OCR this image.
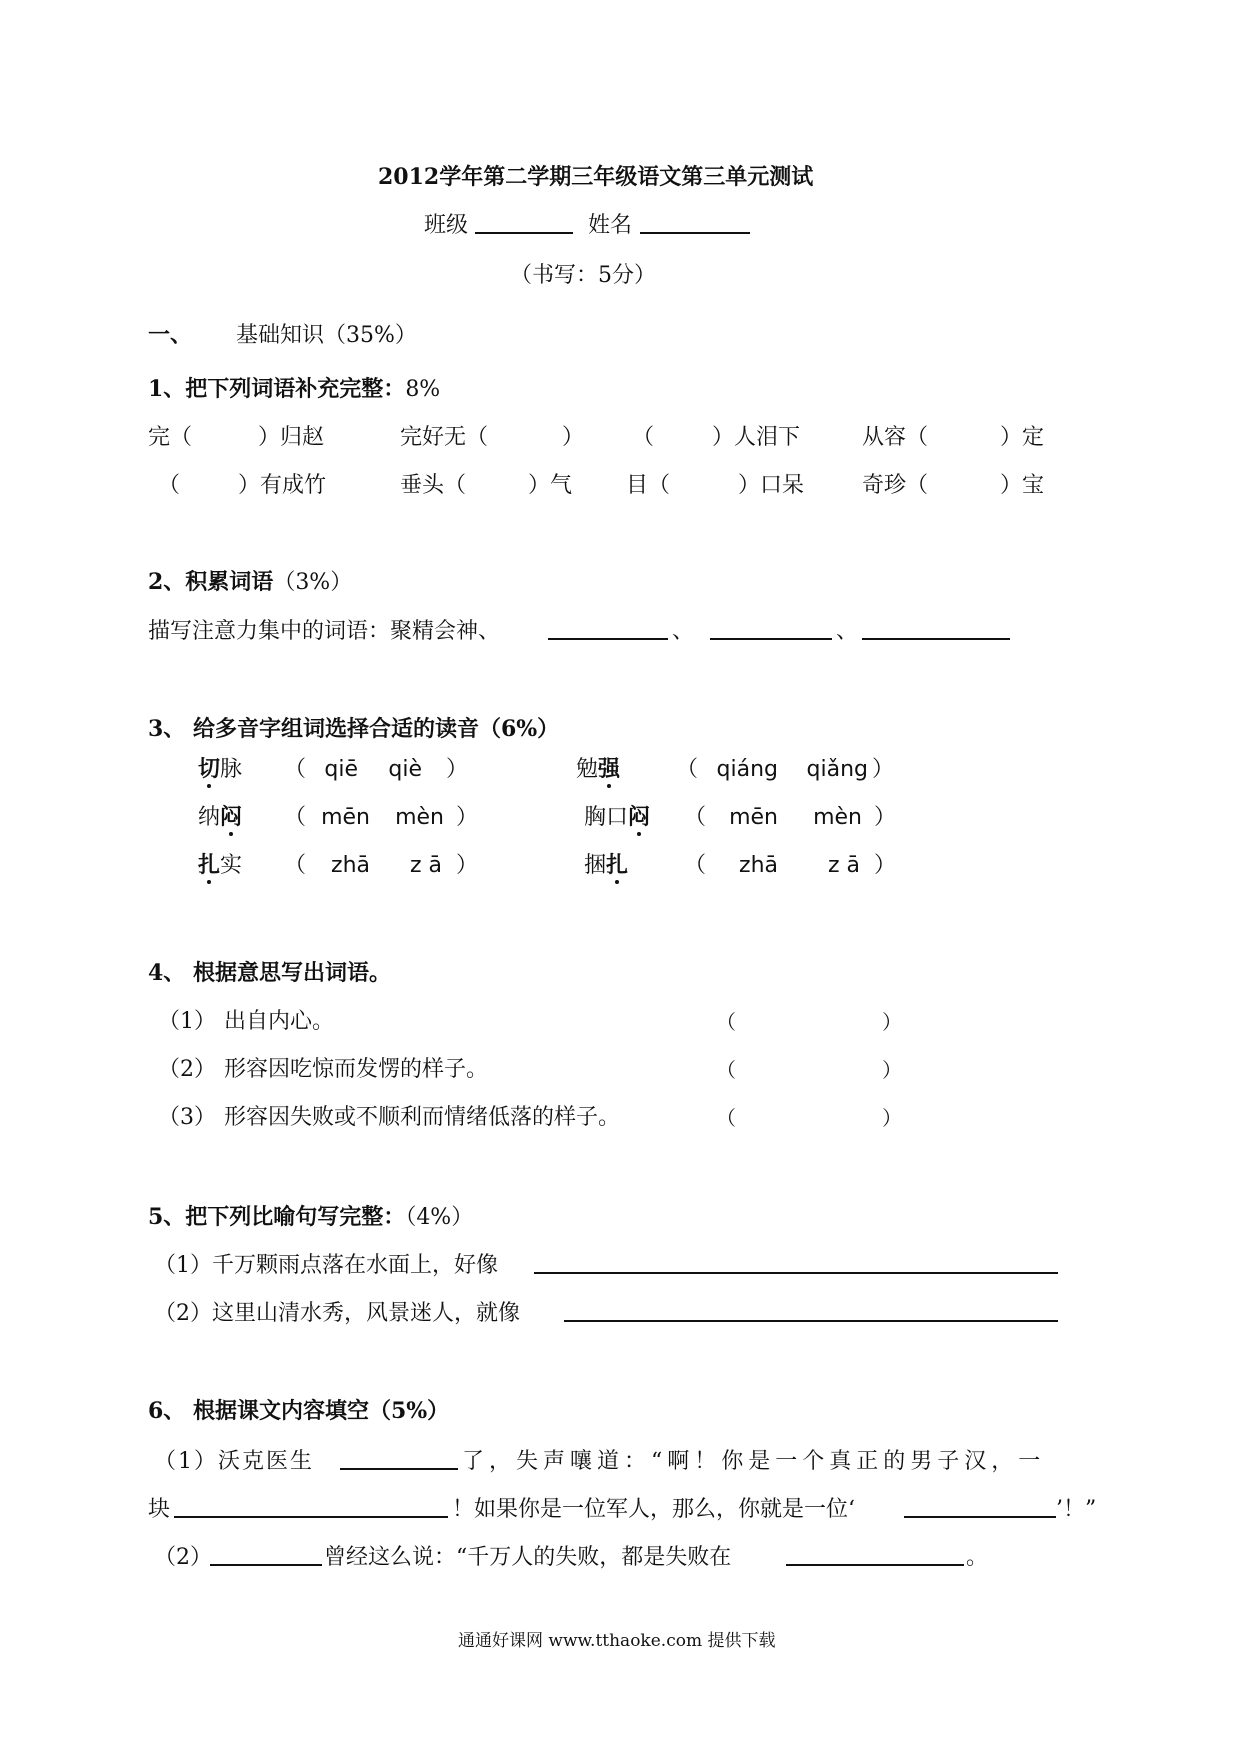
2012学年第二学期三年级语文第三单元测试
班级	姓名
（书写：5分）
一、 基础知识（35%）
1、把下列词语补充完整：8%
完（	）归赵	完好无（	） （	）人泪下	从容（	）定
（	）有成竹	垂头（	）气 目（	）口呆	奇珍（	）宝
2、积累词语（3%）
描写注意力集中的词语：聚精会神、	、	、
3、 给多音字组词选择合适的读音（6%）
切脉 （ qiē qiè ）	勉强	（ qiáng qiǎng ）
纳闷 （ mēn mèn ）	胸口闷 （ mēn mèn ）
扎实 （ zhā z ā ）	捆扎	（ zhā z ā ）
4、 根据意思写出词语。
（1） 出自内心。	（	）
（2） 形容因吃惊而发愣的样子。	（	）
（3） 形容因失败或不顺利而情绪低落的样子。	（	）
5、把下列比喻句写完整：（4%）
（1）千万颗雨点落在水面上，好像
（2）这里山清水秀，风景迷人，就像
6、 根据课文内容填空（5%）
（1）沃克医生	了，失声嚷道：“啊！你是一个真正的男子汉，一
块	！如果你是一位军人，那么，你就是一位‘	’！”
（2）	曾经这么说：“千万人的失败，都是失败在	。
通通好课网 www.tthaoke.com 提供下载
